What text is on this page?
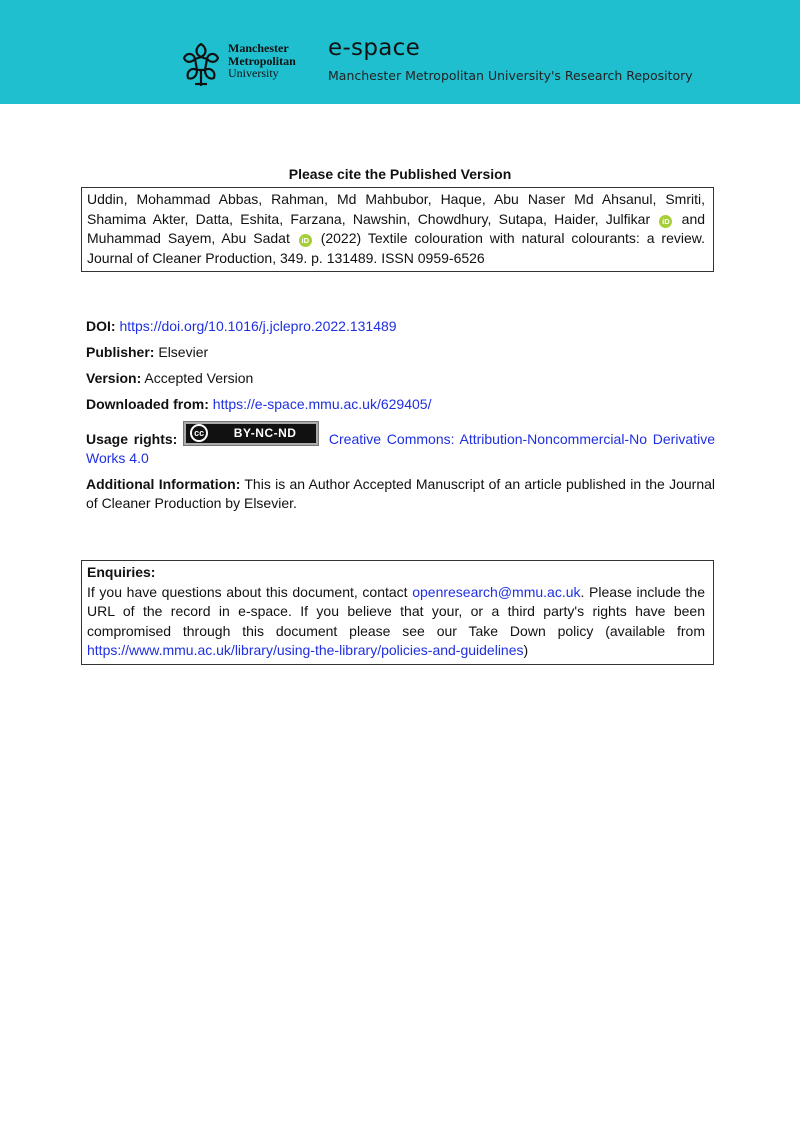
Manchester
Metropolitan
University
e-space
Manchester Metropolitan University's Research Repository
Please cite the Published Version
Uddin, Mohammad Abbas, Rahman, Md Mahbubor, Haque, Abu Naser Md Ahsanul, Smriti, Shamima Akter, Datta, Eshita, Farzana, Nawshin, Chowdhury, Sutapa, Haider, Julfikar iD and Muhammad Sayem, Abu Sadat iD (2022) Textile colouration with natural colourants: a review. Journal of Cleaner Production, 349. p. 131489. ISSN 0959-6526
DOI: https://doi.org/10.1016/j.jclepro.2022.131489
Publisher: Elsevier
Version: Accepted Version
Downloaded from: https://e-space.mmu.ac.uk/629405/
Usage rights:	cc	BY-NC-ND	Creative Commons: Attribution-Noncommercial-No Derivative Works 4.0
Additional Information: This is an Author Accepted Manuscript of an article published in the Journal of Cleaner Production by Elsevier.
Enquiries:
If you have questions about this document, contact openresearch@mmu.ac.uk. Please include the URL of the record in e-space. If you believe that your, or a third party's rights have been compromised through this document please see our Take Down policy (available from https://www.mmu.ac.uk/library/using-the-library/policies-and-guidelines)
